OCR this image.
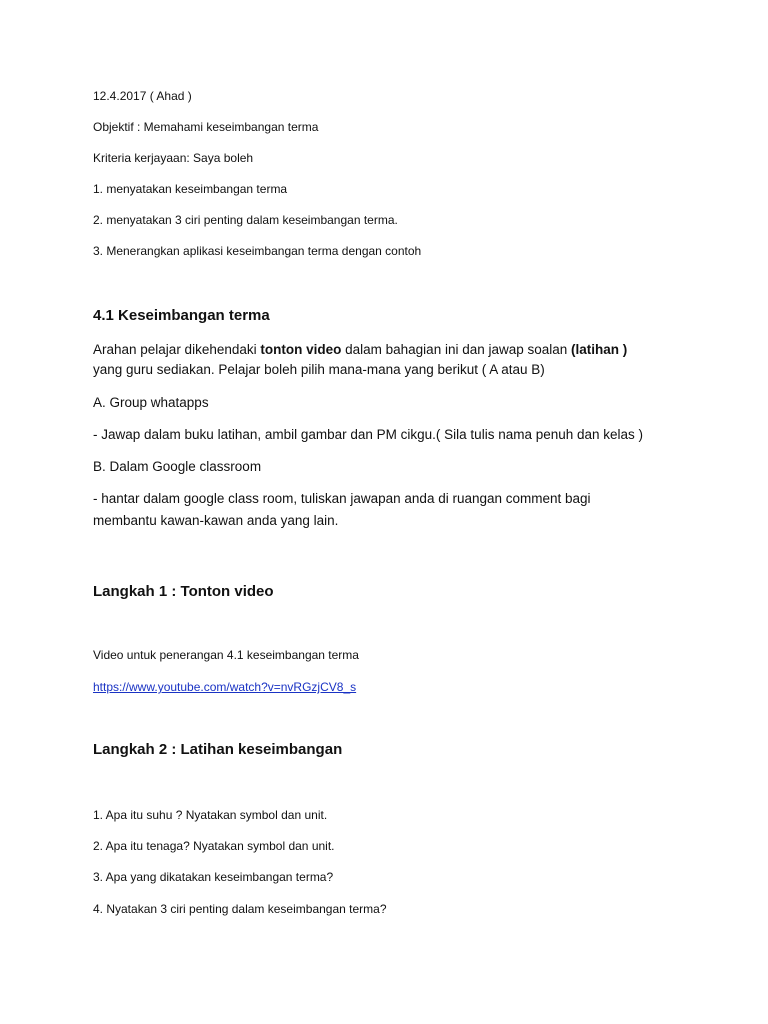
12.4.2017 ( Ahad )

Objektif : Memahami keseimbangan terma

Kriteria kerjayaan: Saya boleh

1. menyatakan keseimbangan terma

2. menyatakan 3 ciri penting dalam keseimbangan terma.

3. Menerangkan aplikasi keseimbangan terma dengan contoh

4.1 Keseimbangan terma

Arahan pelajar dikehendaki tonton video dalam bahagian ini dan jawap soalan (latihan )

yang guru sediakan. Pelajar boleh pilih mana-mana yang berikut ( A atau B)

A. Group whatapps

- Jawap dalam buku latihan, ambil gambar dan PM cikgu.( Sila tulis nama penuh dan kelas )

B. Dalam Google classroom

- hantar dalam google class room, tuliskan jawapan anda di ruangan comment bagi

membantu kawan-kawan anda yang lain.

Langkah 1 : Tonton video

Video untuk penerangan 4.1 keseimbangan terma

https://www.youtube.com/watch?v=nvRGzjCV8_s
Langkah 2 : Latihan keseimbangan

1. Apa itu suhu ? Nyatakan symbol dan unit.

2. Apa itu tenaga? Nyatakan symbol dan unit.

3. Apa yang dikatakan keseimbangan terma?

4. Nyatakan 3 ciri penting dalam keseimbangan terma?
